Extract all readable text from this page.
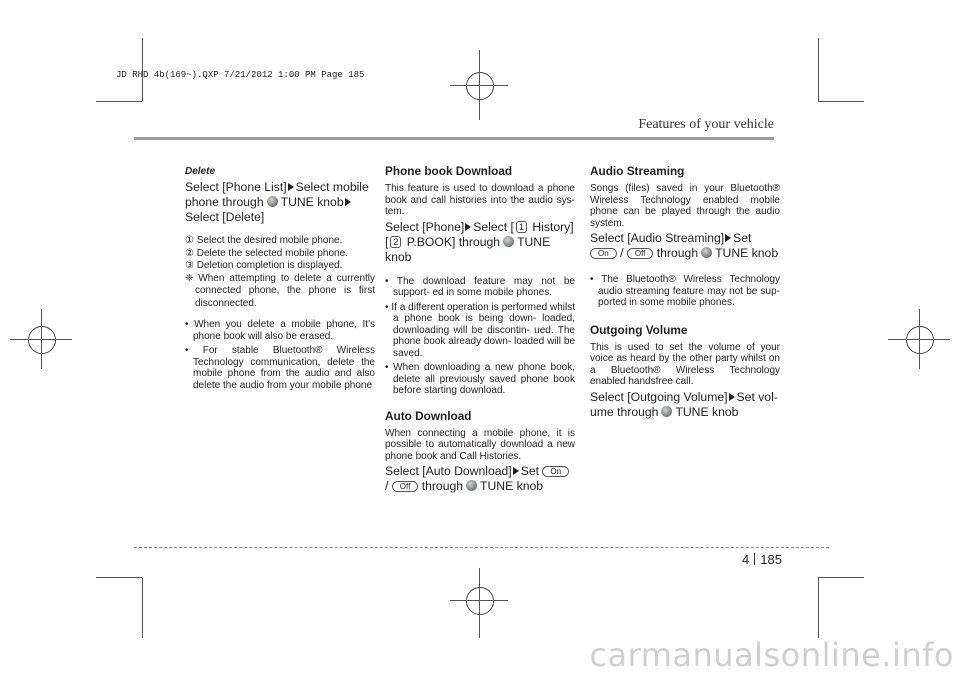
JD RHD 4b(169~).QXP 7/21/2012 1:00 PM Page 185
Features of your vehicle
Delete
Select [Phone List] Select mobile phone through TUNE knobSelect [Delete]
① Select the desired mobile phone.
② Delete the selected mobile phone.
③ Deletion completion is displayed.
❈ When attempting to delete a currently connected phone, the phone is first disconnected.
• When you delete a mobile phone, It's phone book will also be erased.
• For stable Bluetooth® Wireless Technology communication, delete the mobile phone from the audio and also delete the audio from your mobile phone
Phone book Download
This feature is used to download a phone book and call histories into the audio sys- tem.
Select [Phone] Select [ 1 History] [ 2 P.BOOK] through TUNE knob
• The download feature may not be support- ed in some mobile phones.
• If a different operation is performed whilst a phone book is being down- loaded, downloading will be discontin- ued. The phone book already down- loaded will be saved.
• When downloading a new phone book, delete all previously saved phone book before starting download.
Auto Download
When connecting a mobile phone, it is possible to automatically download a new phone book and Call Histories.
Select [Auto Download] Set On / Off through TUNE knob
Audio Streaming
Songs (files) saved in your Bluetooth® Wireless Technology enabled mobile phone can be played through the audio system.
Select [Audio Streaming] Set On / Off through TUNE knob
• The Bluetooth® Wireless Technology audio streaming feature may not be sup- ported in some mobile phones.
Outgoing Volume
This is used to set the volume of your voice as heard by the other party whilst on a Bluetooth® Wireless Technology enabled handsfree call.
Select [Outgoing Volume] Set vol- ume through TUNE knob
4 185
carmanualsonline.info
